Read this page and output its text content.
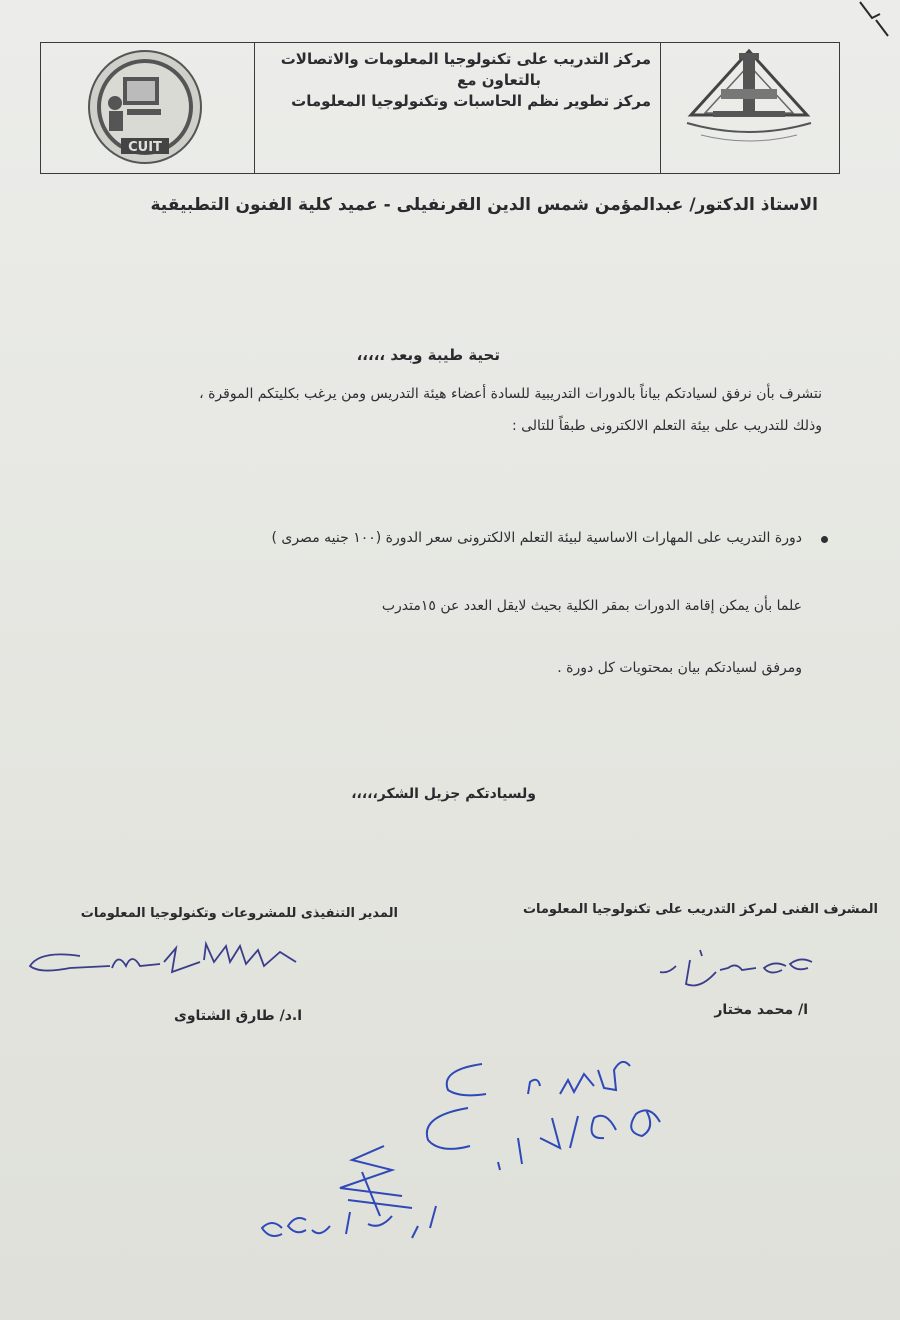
مركز التدريب على تكنولوجيا المعلومات والاتصالات
بالتعاون مع
مركز تطوير نظم الحاسبات وتكنولوجيا المعلومات
CUIT
الاستاذ الدكتور/ عبدالمؤمن شمس الدين القرنفيلى - عميد كلية الفنون التطبيقية
تحية طيبة وبعد ،،،،،
نتشرف بأن نرفق لسيادتكم بياناً بالدورات التدريبية للسادة أعضاء هيئة التدريس ومن يرغب بكليتكم الموقرة ،
وذلك للتدريب على بيئة التعلم الالكترونى طبقاً للتالى :
دورة التدريب على المهارات الاساسية لبيئة التعلم الالكترونى سعر الدورة (١٠٠ جنيه مصرى )
علما بأن يمكن إقامة الدورات بمقر الكلية بحيث لايقل العدد عن ١٥متدرب
ومرفق لسيادتكم بيان بمحتويات كل دورة .
ولسيادتكم جزيل الشكر،،،،،
المشرف الفنى لمركز التدريب على تكنولوجيا المعلومات
المدير التنفيذى للمشروعات وتكنولوجيا المعلومات
ا/ محمد مختار
ا.د/ طارق الشتاوى
